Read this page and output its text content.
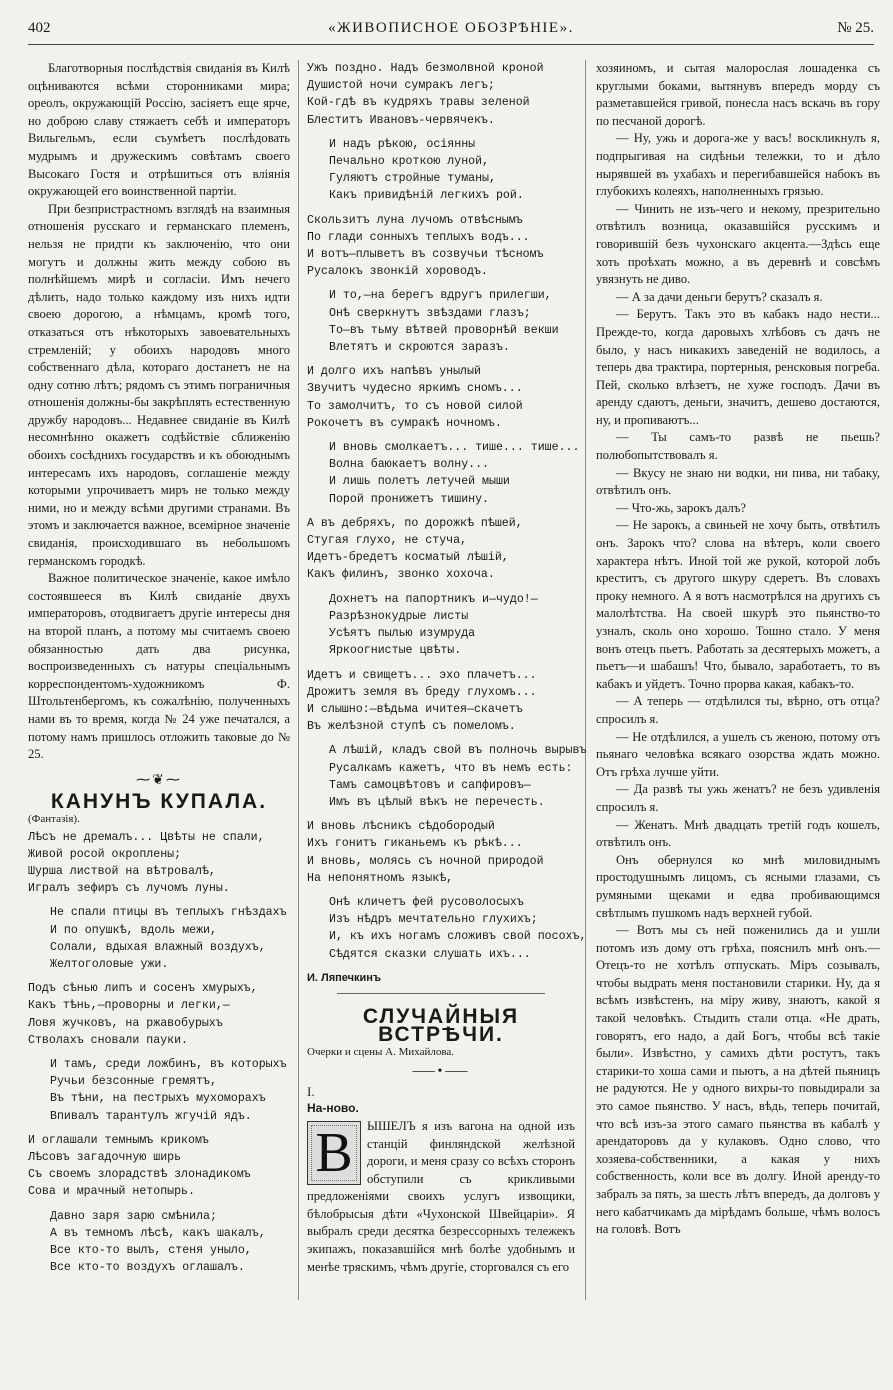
402	«ЖИВОПИСНОЕ ОБОЗРѢНIЕ».	№ 25.

Благотворныя послѣдствія свиданія въ Килѣ оцѣниваются всѣми сторонниками мира; ореолъ, окружающій Россію, засіяетъ еще ярче, но доброю славу стяжаетъ себѣ и императоръ Вильгельмъ, если съумѣетъ послѣдовать мудрымъ и дружескимъ совѣтамъ своего Высокаго Гостя и отрѣшиться отъ вліянія окружающей его воинственной партіи.

При безпристрастномъ взглядѣ на взаимныя отношенія русскаго и германскаго племенъ, нельзя не придти къ заключенію, что они могутъ и должны жить между собою въ полнѣйшемъ мирѣ и согласіи. Имъ нечего дѣлить, надо только каждому изъ нихъ идти своею дорогою, а нѣмцамъ, кромѣ того, отказаться отъ нѣкоторыхъ завоевательныхъ стремленій; у обоихъ народовъ много собственнаго дѣла, котораго достанетъ не на одну сотню лѣтъ; рядомъ съ этимъ пограничныя отношенія должны-бы закрѣплять естественную дружбу народовъ... Недавнее свиданіе въ Килѣ несомнѣнно окажетъ содѣйствіе сближенію обоихъ сосѣднихъ государствъ и къ обоюднымъ интересамъ ихъ народовъ, соглашеніе между которыми упрочиваетъ миръ не только между ними, но и между всѣми другими странами. Въ этомъ и заключается важное, всемірное значеніе свиданія, происходившаго въ небольшомъ германскомъ городкѣ.

Важное политическое значеніе, какое имѣло состоявшееся въ Килѣ свиданіе двухъ императоровъ, отодвигаетъ другіе интересы дня на второй планъ, а потому мы считаемъ своею обязанностью дать два рисунка, воспроизведенныхъ съ натуры спеціальнымъ корреспондентомъ-художникомъ Ф. Штольтенбергомъ, къ сожалѣнію, полученныхъ нами въ то время, когда № 24 уже печатался, а потому намъ пришлось отложить таковые до № 25.

⁓❦⁓
КАНУНЪ КУПАЛА.

(Фантазія).

Лѣсъ не дремалъ... Цвѣты не спали,
Живой росой окроплены;
Шурша листвой на вѣтровалѣ,
Игралъ зефиръ съ лучомъ луны.
Не спали птицы въ теплыхъ гнѣздахъ
И по опушкѣ, вдоль межи,
Солали, вдыхая влажный воздухъ,
Желтоголовые ужи.
Подъ сѣнью липъ и сосенъ хмурыхъ,
Какъ тѣнь,—проворны и легки,—
Ловя жучковъ, на ржавобурыхъ
Стволахъ сновали пауки.
И тамъ, среди ложбинъ, въ которыхъ
Ручьи безсонные гремятъ,
Въ тѣни, на пестрыхъ мухоморахъ
Впивалъ тарантулъ жгучій ядъ.
И оглашали темнымъ крикомъ
Лѣсовъ загадочную ширь
Съ своемъ злорадствѣ злонадикомъ
Сова и мрачный нетопырь.
Давно заря зарю смѣнила;
А въ темномъ лѣсѣ, какъ шакалъ,
Все кто-то вылъ, стеня уныло,
Все кто-то воздухъ оглашалъ.
Ужъ поздно. Надъ безмолвной кроной
Душистой ночи сумракъ легъ;
Кой-гдѣ въ кудряхъ травы зеленой
Блеститъ Ивановъ-червячекъ.
И надъ рѣкою, осіянны
Печально кроткою луной,
Гуляютъ стройные туманы,
Какъ привидѣній легкихъ рой.
Скользитъ луна лучомъ отвѣснымъ
По глади сонныхъ теплыхъ водъ...
И вотъ—плыветъ въ созвучьи тѣсномъ
Русалокъ звонкій хороводъ.
И то,—на берегъ вдругъ прилегши,
Онѣ сверкнутъ звѣздами глазъ;
То—въ тьму вѣтвей проворнѣй векши
Влетятъ и скроются заразъ.
И долго ихъ напѣвъ унылый
Звучитъ чудесно яркимъ сномъ...
То замолчитъ, то съ новой силой
Рокочетъ въ сумракѣ ночномъ.
И вновь смолкаетъ... тише... тише...
Волна баюкаетъ волну...
И лишь полетъ летучей мыши
Порой пронижетъ тишину.
А въ дебряхъ, по дорожкѣ пѣшей,
Стугая глухо, не стуча,
Идетъ-бредетъ косматый лѣшій,
Какъ филинъ, звонко хохоча.
Дохнетъ на папортникъ и—чудо!—
Разрѣзнокудрые листы
Усѣятъ пылью изумруда
Яркоогнистые цвѣты.
Идетъ и свищетъ... эхо плачетъ...
Дрожитъ земля въ бреду глухомъ...
И слышно:—вѣдьма ичитея—скачетъ
Въ желѣзной ступѣ съ помеломъ.
А лѣшій, кладъ свой въ полночь вырывъ
Русалкамъ кажетъ, что въ немъ есть:
Тамъ самоцвѣтовъ и сапфировъ—
Имъ въ цѣлый вѣкъ не перечесть.
И вновь лѣсникъ сѣдобородый
Ихъ гонитъ гиканьемъ къ рѣкѣ...
И вновь, молясь съ ночной природой
На непонятномъ языкѣ,
Онѣ кличетъ фей русоволосыхъ
Изъ нѣдръ мечтательно глухихъ;
И, къ ихъ ногамъ сложивъ свой посохъ,
Сѣдятся сказки слушать ихъ...

И. Ляпечкинъ

СЛУЧАЙНЫЯ ВСТРѢЧИ.

Очерки и сцены А. Михайлова.

⸺•⸺

I.

На-ново.

В	ЫШЕЛЪ я изъ вагона на одной изъ станцій финляндской желѣзной дороги, и меня сразу со всѣхъ сторонъ обступили съ крикливыми предложеніями своихъ услугъ извощики, бѣлобрысыя дѣти «Чухонской Швейцаріи». Я выбралъ среди десятка безрессорныхъ тележекъ экипажъ, показавшійся мнѣ болѣе удобнымъ и менѣе тряскимъ, чѣмъ другіе, сторговался съ его

хозяиномъ, и сытая малорослая лошаденка съ круглыми боками, вытянувъ впередъ морду съ разметавшейся гривой, понесла насъ вскачь въ гору по песчаной дорогѣ.

— Ну, ужь и дорога-же у васъ! воскликнулъ я, подпрыгивая на сидѣньи тележки, то и дѣло нырявшей въ ухабахъ и перегибавшейся набокъ въ глубокихъ колеяхъ, наполненныхъ грязью.

— Чинить не изъ-чего и некому, презрительно отвѣтилъ возница, оказавшійся русскимъ и говорившій безъ чухонскаго акцента.—Здѣсь еще хоть проѣхать можно, а въ деревнѣ и совсѣмъ увязнуть не диво.

— А за дачи деньги берутъ? сказалъ я.

— Берутъ. Такъ это въ кабакъ надо нести... Прежде-то, когда даровыхъ хлѣбовъ съ дачъ не было, у насъ никакихъ заведеній не водилось, а теперь два трактира, портерныя, ренсковыя погреба. Пей, сколько влѣзетъ, не хуже господъ. Дачи въ аренду сдаютъ, деньги, значитъ, дешево достаются, ну, и пропиваютъ...

— Ты самъ-то развѣ не пьешь? полюбопытствовалъ я.

— Вкусу не знаю ни водки, ни пива, ни табаку, отвѣтилъ онъ.

— Что-жь, зарокъ далъ?

— Не зарокъ, а свиньей не хочу быть, отвѣтилъ онъ. Зарокъ что? слова на вѣтеръ, коли своего характера нѣтъ. Иной той же рукой, которой лобъ креститъ, съ другого шкуру сдеретъ. Въ словахъ проку немного. А я вотъ насмотрѣлся на другихъ съ малолѣтства. На своей шкурѣ это пьянство-то узналъ, сколь оно хорошо. Тошно стало. У меня вонъ отецъ пьетъ. Работать за десятерыхъ можетъ, а пьетъ—и шабашъ! Что, бывало, заработаетъ, то въ кабакъ и уйдетъ. Точно прорва какая, кабакъ-то.

— А теперь — отдѣлился ты, вѣрно, отъ отца? спросилъ я.

— Не отдѣлился, а ушелъ съ женою, потому отъ пьянаго человѣка всякаго озорства ждать можно. Отъ грѣха лучше уйти.

— Да развѣ ты ужь женатъ? не безъ удивленія спросилъ я.

— Женатъ. Мнѣ двадцать третій годъ кошелъ, отвѣтилъ онъ.

Онъ обернулся ко мнѣ миловиднымъ простодушнымъ лицомъ, съ ясными глазами, съ румяными щеками и едва пробивающимся свѣтлымъ пушкомъ надъ верхней губой.

— Вотъ мы съ ней поженились да и ушли потомъ изъ дому отъ грѣха, пояснилъ мнѣ онъ.—Отецъ-то не хотѣлъ отпускать. Міръ созывалъ, чтобы выдрать меня постановили старики. Ну, да я всѣмъ извѣстенъ, на міру живу, знаютъ, какой я такой человѣкъ. Стыдить стали отца. «Не драть, говорятъ, его надо, а дай Богъ, чтобы всѣ такіе были». Извѣстно, у самихъ дѣти ростутъ, такъ старики-то хоша сами и пьютъ, а на дѣтей пьяницъ не радуются. Не у одного вихры-то повыдирали за это самое пьянство. У насъ, вѣдь, теперь почитай, что всѣ изъ-за этого самаго пьянства въ кабалѣ у арендаторовъ да у кулаковъ. Одно слово, что хозяева-собственники, а какая у нихъ собственность, коли все въ долгу. Иной аренду-то забралъ за пять, за шесть лѣтъ впередъ, да долговъ у него кабатчикамъ да мірѣдамъ больше, чѣмъ волосъ на головѣ. Вотъ
